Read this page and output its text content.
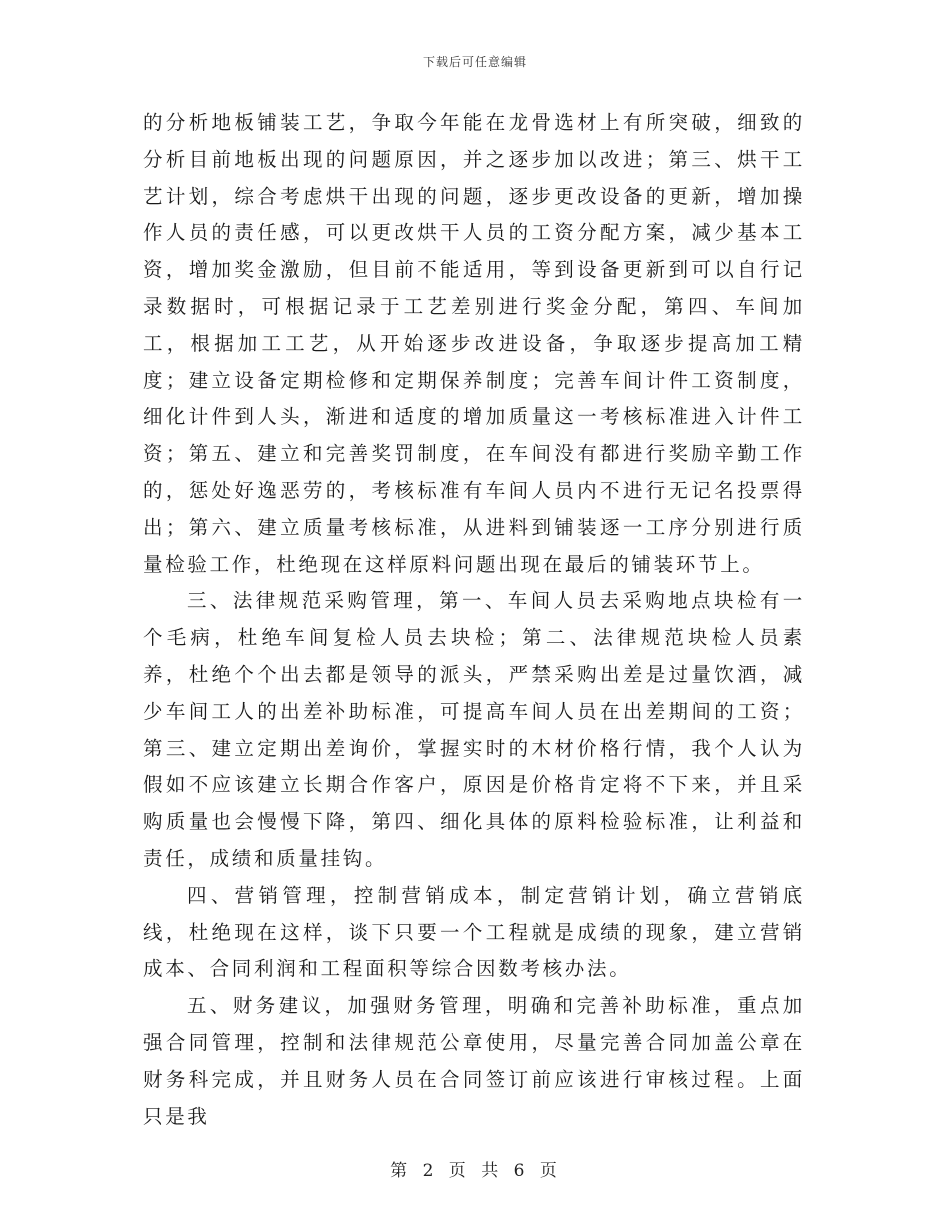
下载后可任意编辑

的分析地板铺装工艺，争取今年能在龙骨选材上有所突破，细致的分析目前地板出现的问题原因，并之逐步加以改进；第三、烘干工艺计划，综合考虑烘干出现的问题，逐步更改设备的更新，增加操作人员的责任感，可以更改烘干人员的工资分配方案，减少基本工资，增加奖金激励，但目前不能适用，等到设备更新到可以自行记录数据时，可根据记录于工艺差别进行奖金分配，第四、车间加工，根据加工工艺，从开始逐步改进设备，争取逐步提高加工精度；建立设备定期检修和定期保养制度；完善车间计件工资制度，细化计件到人头，渐进和适度的增加质量这一考核标准进入计件工资；第五、建立和完善奖罚制度，在车间没有都进行奖励辛勤工作的，惩处好逸恶劳的，考核标准有车间人员内不进行无记名投票得出；第六、建立质量考核标准，从进料到铺装逐一工序分别进行质量检验工作，杜绝现在这样原料问题出现在最后的铺装环节上。

三、法律规范采购管理，第一、车间人员去采购地点块检有一个毛病，杜绝车间复检人员去块检；第二、法律规范块检人员素养，杜绝个个出去都是领导的派头，严禁采购出差是过量饮酒，减少车间工人的出差补助标准，可提高车间人员在出差期间的工资；第三、建立定期出差询价，掌握实时的木材价格行情，我个人认为假如不应该建立长期合作客户，原因是价格肯定将不下来，并且采购质量也会慢慢下降，第四、细化具体的原料检验标准，让利益和责任，成绩和质量挂钩。

四、营销管理，控制营销成本，制定营销计划，确立营销底线，杜绝现在这样，谈下只要一个工程就是成绩的现象，建立营销成本、合同利润和工程面积等综合因数考核办法。

五、财务建议，加强财务管理，明确和完善补助标准，重点加强合同管理，控制和法律规范公章使用，尽量完善合同加盖公章在财务科完成，并且财务人员在合同签订前应该进行审核过程。上面只是我

第 2 页 共 6 页
